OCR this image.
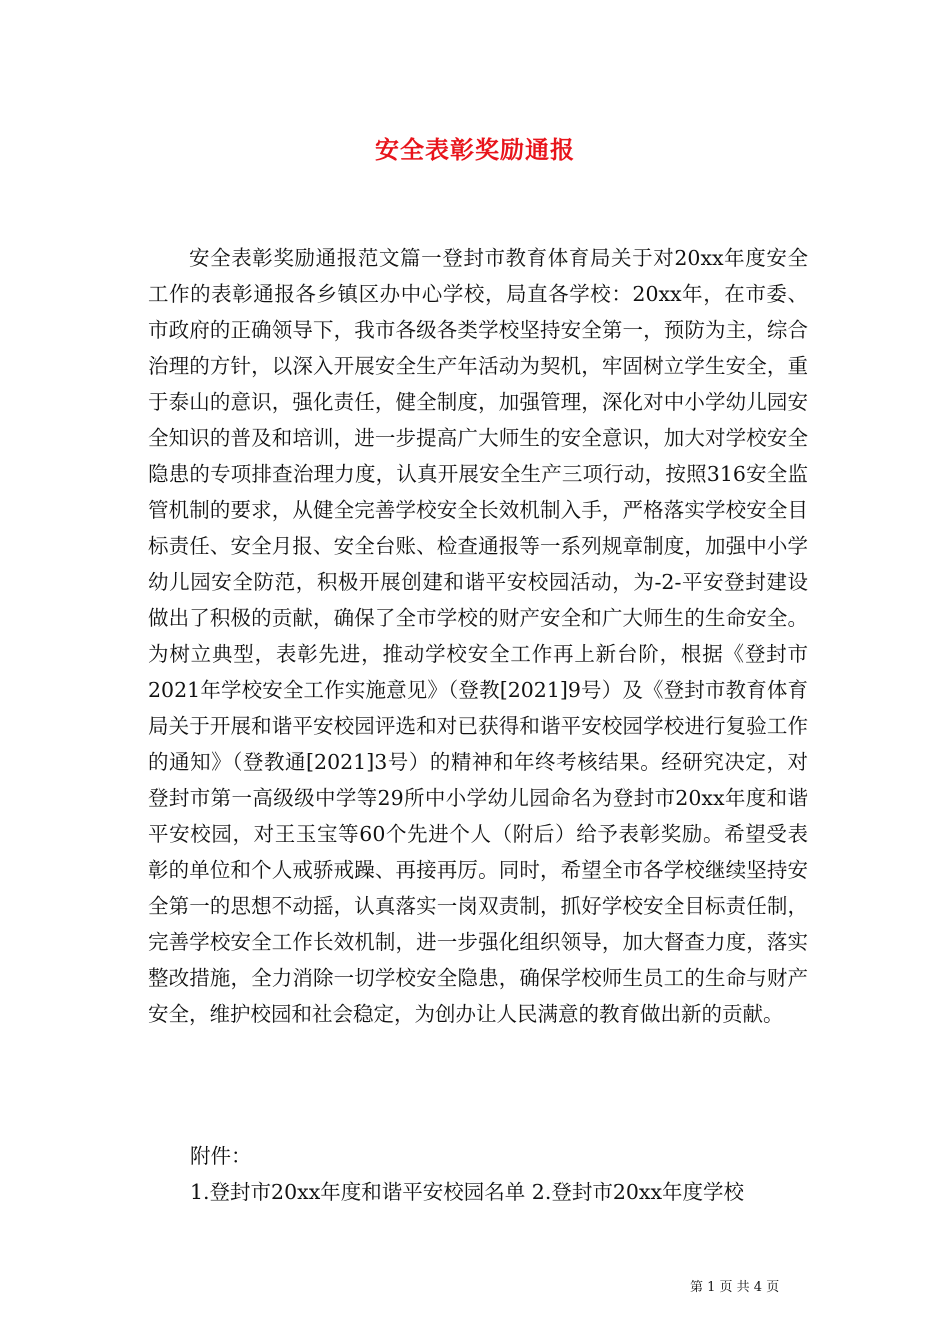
安全表彰奖励通报

安全表彰奖励通报范文篇一登封市教育体育局关于对20xx年度安全工作的表彰通报各乡镇区办中心学校，局直各学校：20xx年，在市委、市政府的正确领导下，我市各级各类学校坚持安全第一，预防为主，综合治理的方针，以深入开展安全生产年活动为契机，牢固树立学生安全，重于泰山的意识，强化责任，健全制度，加强管理，深化对中小学幼儿园安全知识的普及和培训，进一步提高广大师生的安全意识，加大对学校安全隐患的专项排查治理力度，认真开展安全生产三项行动，按照316安全监管机制的要求，从健全完善学校安全长效机制入手，严格落实学校安全目标责任、安全月报、安全台账、检查通报等一系列规章制度，加强中小学幼儿园安全防范，积极开展创建和谐平安校园活动，为-2-平安登封建设做出了积极的贡献，确保了全市学校的财产安全和广大师生的生命安全。为树立典型，表彰先进，推动学校安全工作再上新台阶，根据《登封市2021年学校安全工作实施意见》（登教[2021]9号）及《登封市教育体育局关于开展和谐平安校园评选和对已获得和谐平安校园学校进行复验工作的通知》（登教通[2021]3号）的精神和年终考核结果。经研究决定，对登封市第一高级级中学等29所中小学幼儿园命名为登封市20xx年度和谐平安校园，对王玉宝等60个先进个人（附后）给予表彰奖励。希望受表彰的单位和个人戒骄戒躁、再接再厉。同时，希望全市各学校继续坚持安全第一的思想不动摇，认真落实一岗双责制，抓好学校安全目标责任制，完善学校安全工作长效机制，进一步强化组织领导，加大督查力度，落实整改措施，全力消除一切学校安全隐患，确保学校师生员工的生命与财产安全，维护校园和社会稳定，为创办让人民满意的教育做出新的贡献。

附件：
1.登封市20xx年度和谐平安校园名单 2.登封市20xx年度学校
第 1 页 共 4 页
